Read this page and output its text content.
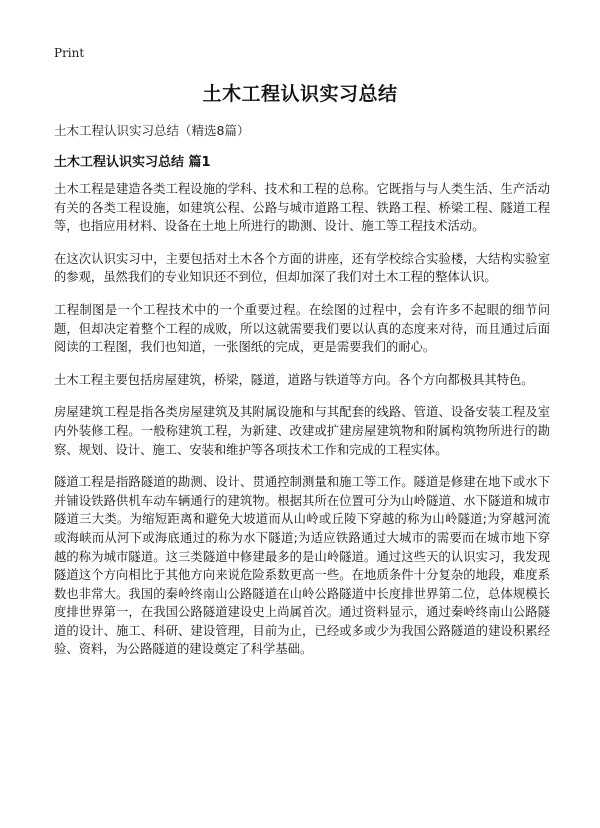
Print
土木工程认识实习总结
土木工程认识实习总结（精选8篇）
土木工程认识实习总结 篇1

土木工程是建造各类工程设施的学科、技术和工程的总称。它既指与与人类生活、生产活动有关的各类工程设施，如建筑公程、公路与城市道路工程、铁路工程、桥梁工程、隧道工程等，也指应用材料、设备在土地上所进行的勘测、设计、施工等工程技术活动。

在这次认识实习中，主要包括对土木各个方面的讲座，还有学校综合实验楼，大结构实验室的参观，虽然我们的专业知识还不到位，但却加深了我们对土木工程的整体认识。

工程制图是一个工程技术中的一个重要过程。在绘图的过程中，会有许多不起眼的细节问题，但却决定着整个工程的成败，所以这就需要我们要以认真的态度来对待，而且通过后面阅读的工程图，我们也知道，一张图纸的完成，更是需要我们的耐心。

土木工程主要包括房屋建筑，桥梁，隧道，道路与铁道等方向。各个方向都极具其特色。

房屋建筑工程是指各类房屋建筑及其附属设施和与其配套的线路、管道、设备安装工程及室内外装修工程。一般称建筑工程，为新建、改建或扩建房屋建筑物和附属构筑物所进行的勘察、规划、设计、施工、安装和维护等各项技术工作和完成的工程实体。

隧道工程是指路隧道的勘测、设计、贯通控制测量和施工等工作。隧道是修建在地下或水下并铺设铁路供机车动车辆通行的建筑物。根据其所在位置可分为山岭隧道、水下隧道和城市隧道三大类。为缩短距离和避免大坡道而从山岭或丘陵下穿越的称为山岭隧道;为穿越河流或海峡而从河下或海底通过的称为水下隧道;为适应铁路通过大城市的需要而在城市地下穿越的称为城市隧道。这三类隧道中修建最多的是山岭隧道。通过这些天的认识实习，我发现隧道这个方向相比于其他方向来说危险系数更高一些。在地质条件十分复杂的地段，难度系数也非常大。我国的秦岭终南山公路隧道在山岭公路隧道中长度排世界第二位，总体规模长度排世界第一，在我国公路隧道建设史上尚属首次。通过资料显示，通过秦岭终南山公路隧道的设计、施工、科研、建设管理，目前为止，已经或多或少为我国公路隧道的建设积累经验、资料，为公路隧道的建设奠定了科学基础。
